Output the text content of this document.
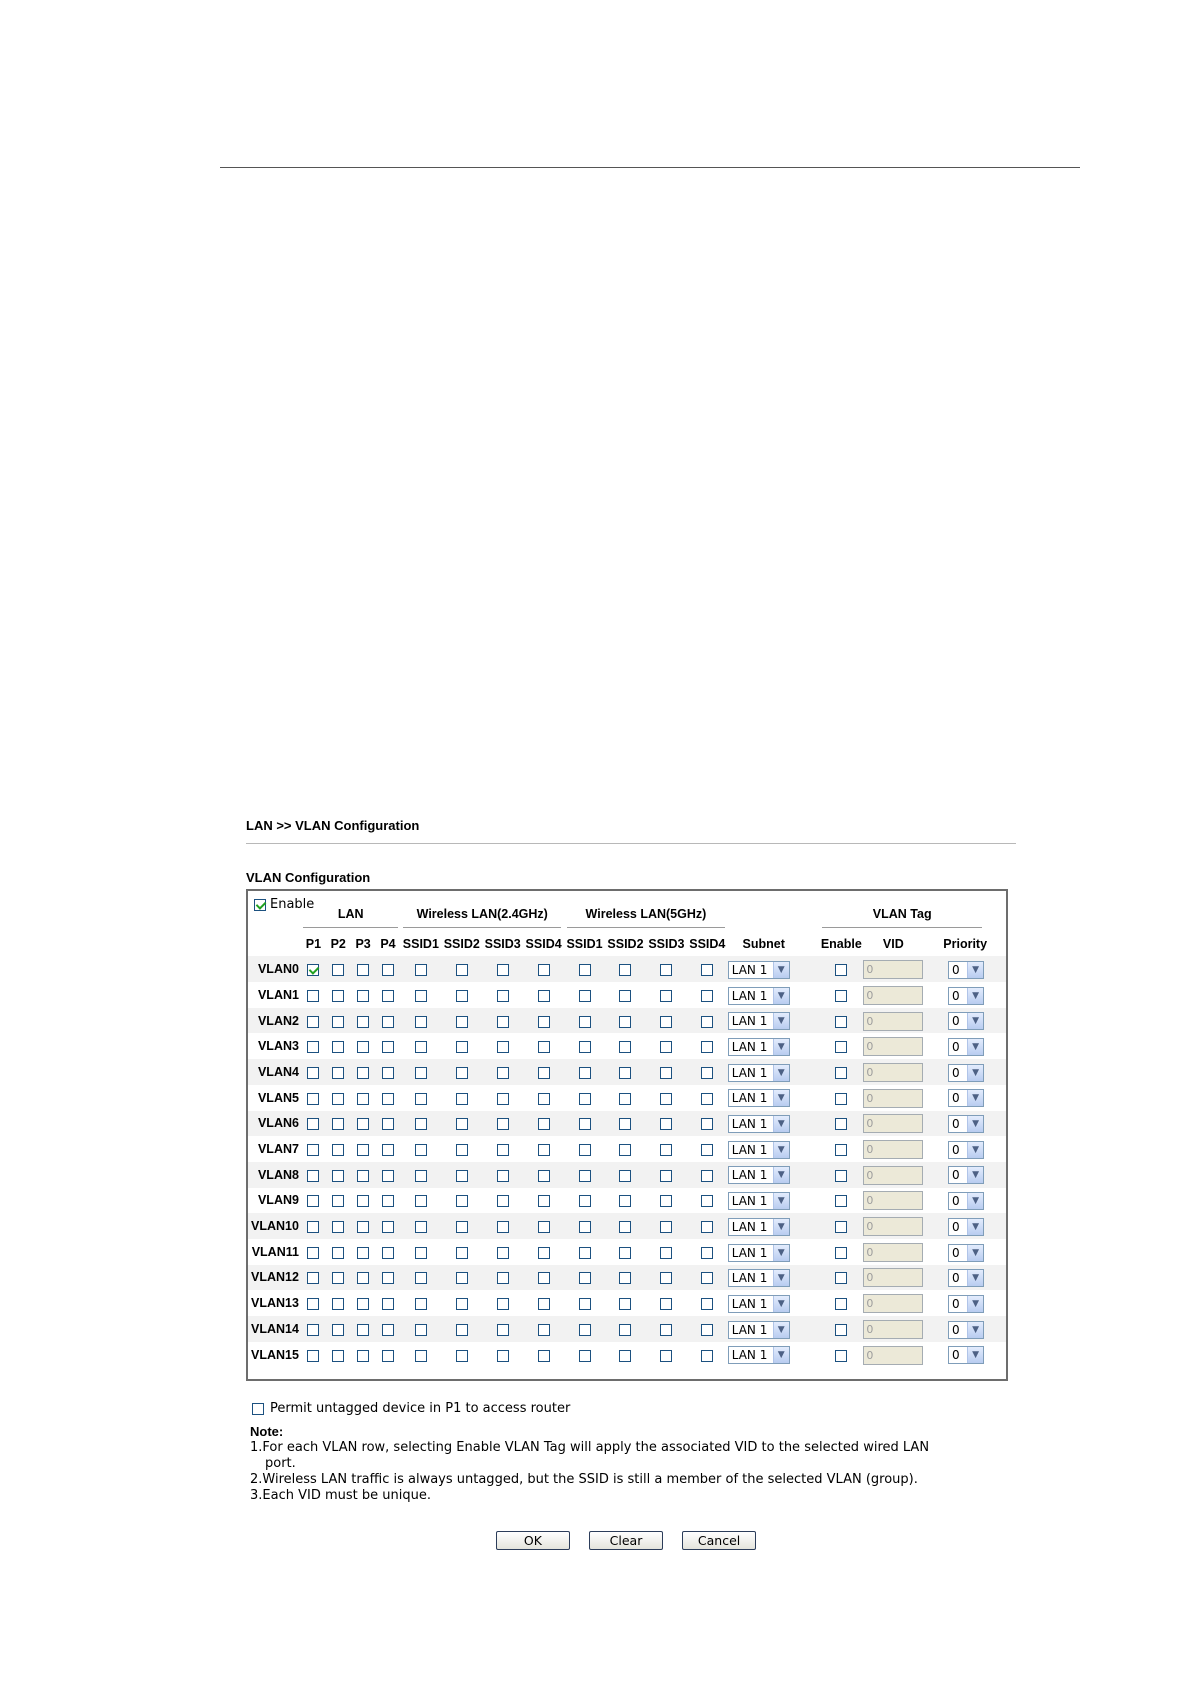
LAN >> VLAN Configuration
VLAN Configuration
Enable

	LAN				Wireless LAN(2.4GHz)				Wireless LAN(5GHz)						VLAN Tag			

	P1	P2	P3	P4	SSID1	SSID2	SSID3	SSID4	SSID1	SSID2	SSID3	SSID4	Subnet		Enable	VID	Priority	
VLAN0													LAN 1 ▼			0	0 ▼	

VLAN1													LAN 1 ▼			0	0 ▼	

VLAN2													LAN 1 ▼			0	0 ▼	

VLAN3													LAN 1 ▼			0	0 ▼	

VLAN4													LAN 1 ▼			0	0 ▼	

VLAN5													LAN 1 ▼			0	0 ▼	

VLAN6													LAN 1 ▼			0	0 ▼	

VLAN7													LAN 1 ▼			0	0 ▼	

VLAN8													LAN 1 ▼			0	0 ▼	

VLAN9													LAN 1 ▼			0	0 ▼	

VLAN10													LAN 1 ▼			0	0 ▼	

VLAN11													LAN 1 ▼			0	0 ▼	

VLAN12													LAN 1 ▼			0	0 ▼	

VLAN13													LAN 1 ▼			0	0 ▼	

VLAN14													LAN 1 ▼			0	0 ▼	

VLAN15													LAN 1 ▼			0	0 ▼	

Permit untagged device in P1 to access router
Note:
1.For each VLAN row, selecting Enable VLAN Tag will apply the associated VID to the selected wired LAN
port.
2.Wireless LAN traffic is always untagged, but the SSID is still a member of the selected VLAN (group).
3.Each VID must be unique.
OK	Clear	Cancel
